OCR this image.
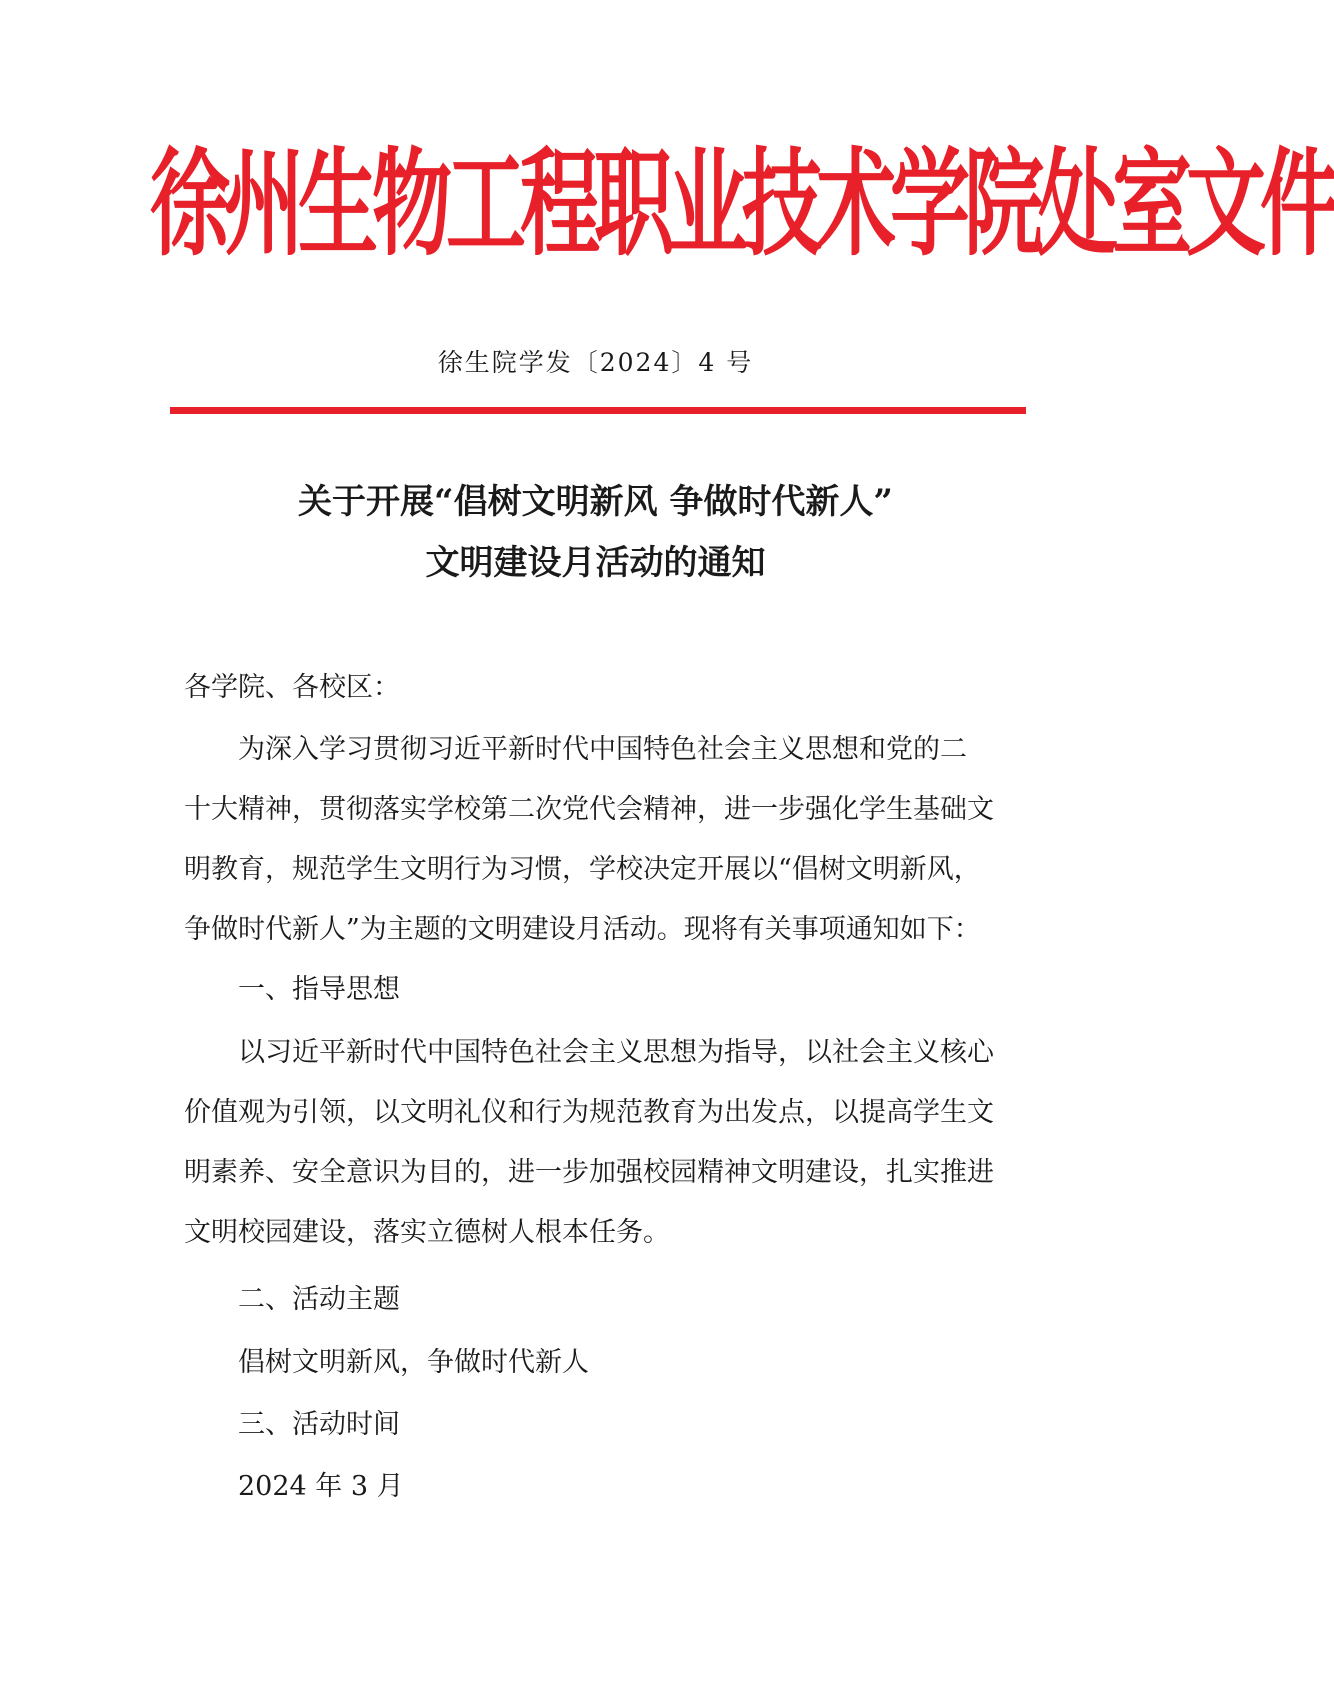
徐州生物工程职业技术学院处室文件
徐生院学发〔2024〕4 号
关于开展“倡树文明新风 争做时代新人”
文明建设月活动的通知
各学院、各校区：
为深入学习贯彻习近平新时代中国特色社会主义思想和党的二
十大精神，贯彻落实学校第二次党代会精神，进一步强化学生基础文
明教育，规范学生文明行为习惯，学校决定开展以“倡树文明新风，
争做时代新人”为主题的文明建设月活动。现将有关事项通知如下：
一、指导思想
以习近平新时代中国特色社会主义思想为指导，以社会主义核心
价值观为引领，以文明礼仪和行为规范教育为出发点，以提高学生文
明素养、安全意识为目的，进一步加强校园精神文明建设，扎实推进
文明校园建设，落实立德树人根本任务。
二、活动主题
倡树文明新风，争做时代新人
三、活动时间
2024 年 3 月
